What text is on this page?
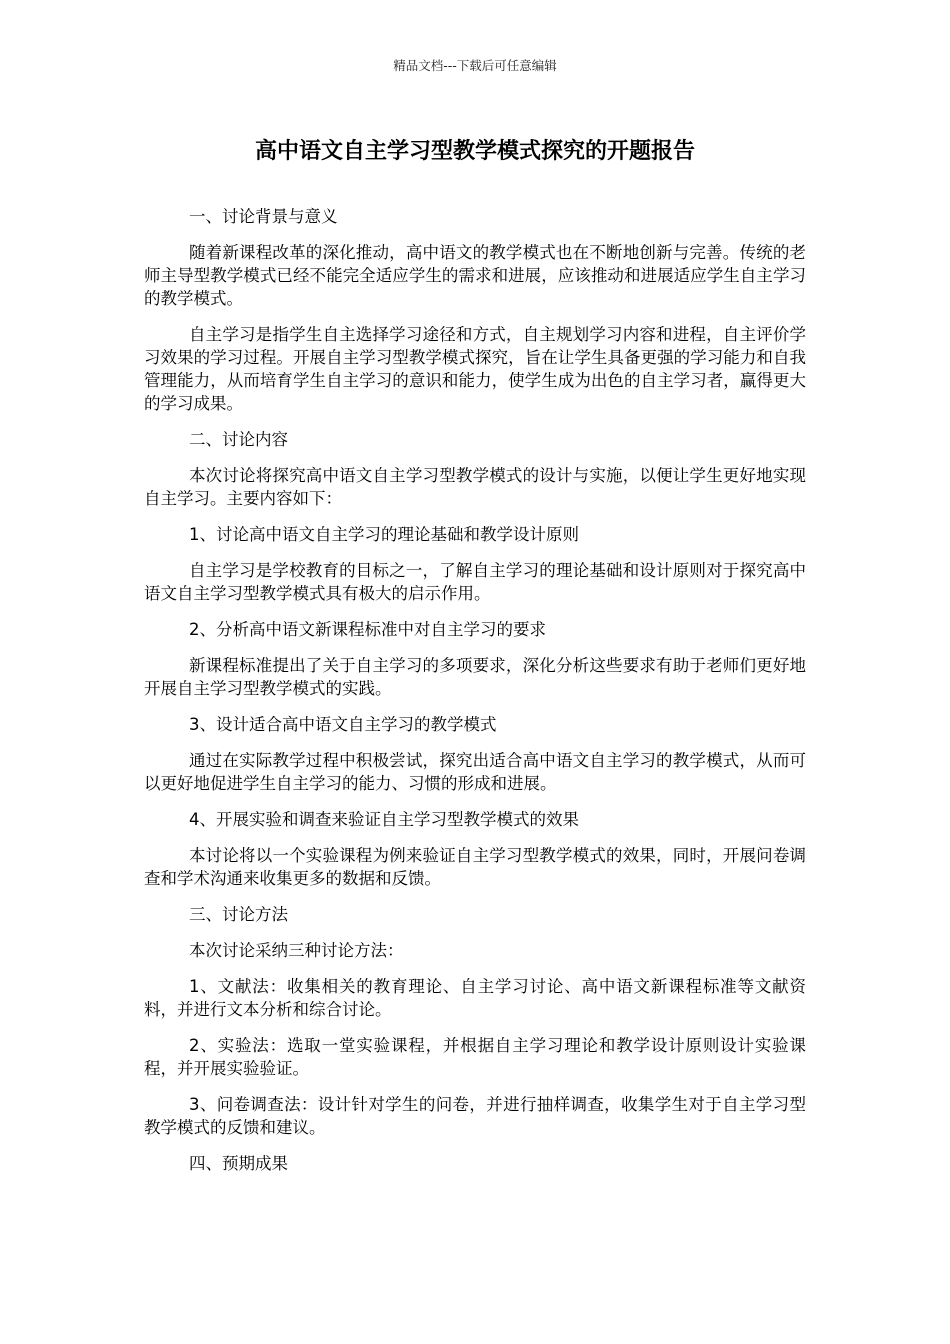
精品文档---下载后可任意编辑
高中语文自主学习型教学模式探究的开题报告

一、讨论背景与意义

随着新课程改革的深化推动，高中语文的教学模式也在不断地创新与完善。传统的老师主导型教学模式已经不能完全适应学生的需求和进展，应该推动和进展适应学生自主学习的教学模式。

自主学习是指学生自主选择学习途径和方式，自主规划学习内容和进程，自主评价学习效果的学习过程。开展自主学习型教学模式探究，旨在让学生具备更强的学习能力和自我管理能力，从而培育学生自主学习的意识和能力，使学生成为出色的自主学习者，赢得更大的学习成果。

二、讨论内容

本次讨论将探究高中语文自主学习型教学模式的设计与实施，以便让学生更好地实现自主学习。主要内容如下：

1、讨论高中语文自主学习的理论基础和教学设计原则

自主学习是学校教育的目标之一，了解自主学习的理论基础和设计原则对于探究高中语文自主学习型教学模式具有极大的启示作用。

2、分析高中语文新课程标准中对自主学习的要求

新课程标准提出了关于自主学习的多项要求，深化分析这些要求有助于老师们更好地开展自主学习型教学模式的实践。

3、设计适合高中语文自主学习的教学模式

通过在实际教学过程中积极尝试，探究出适合高中语文自主学习的教学模式，从而可以更好地促进学生自主学习的能力、习惯的形成和进展。

4、开展实验和调查来验证自主学习型教学模式的效果

本讨论将以一个实验课程为例来验证自主学习型教学模式的效果，同时，开展问卷调查和学术沟通来收集更多的数据和反馈。

三、讨论方法

本次讨论采纳三种讨论方法：

1、文献法：收集相关的教育理论、自主学习讨论、高中语文新课程标准等文献资料，并进行文本分析和综合讨论。

2、实验法：选取一堂实验课程，并根据自主学习理论和教学设计原则设计实验课程，并开展实验验证。

3、问卷调查法：设计针对学生的问卷，并进行抽样调查，收集学生对于自主学习型教学模式的反馈和建议。

四、预期成果
